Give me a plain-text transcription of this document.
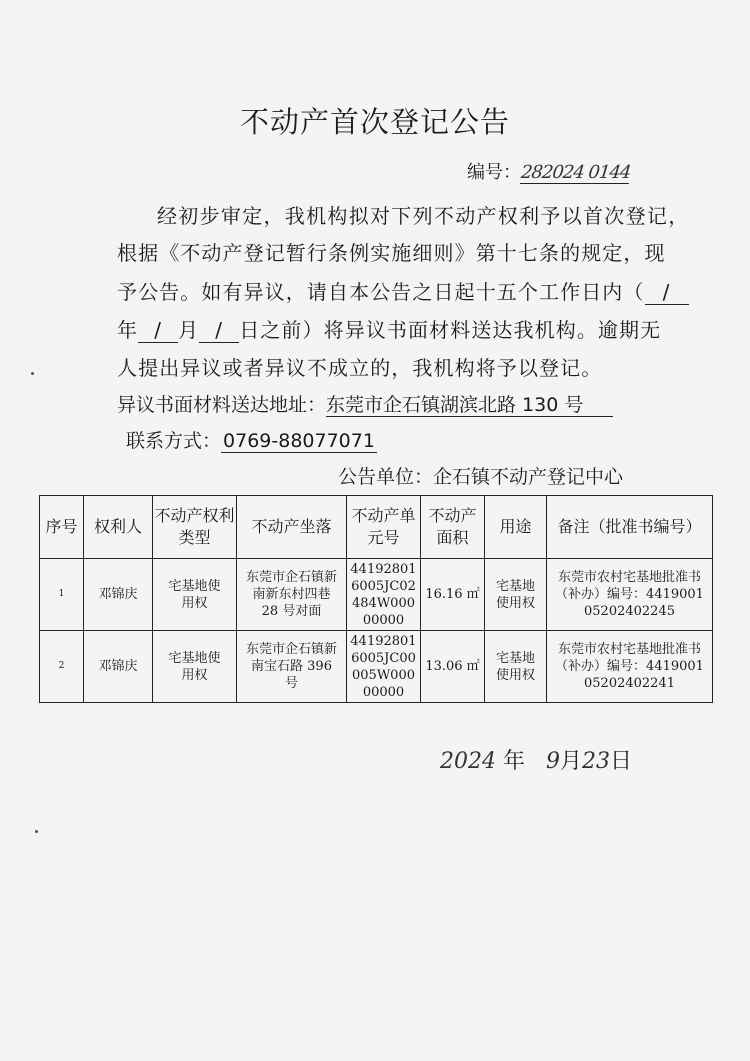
不动产首次登记公告
编号：282024 0144
经初步审定，我机构拟对下列不动产权利予以首次登记，
根据《不动产登记暂行条例实施细则》第十七条的规定，现
予公告。如有异议，请自本公告之日起十五个工作日内（ /
年 / 月 / 日之前）将异议书面材料送达我机构。逾期无
人提出异议或者异议不成立的，我机构将予以登记。
异议书面材料送达地址：东莞市企石镇湖滨北路 130 号
联系方式： 0769-88077071
公告单位：企石镇不动产登记中心
序号	权利人	不动产权利类型	不动产坐落	不动产单元号	不动产面积	用途	备注（批准书编号）
1	邓锦庆	宅基地使用权	东莞市企石镇新南新东村四巷 28 号对面	441928016005JC02484W00000000	16.16 ㎡	宅基地使用权	东莞市农村宅基地批准书（补办）编号：441900105202402245
2	邓锦庆	宅基地使用权	东莞市企石镇新南宝石路 396 号	441928016005JC00005W00000000	13.06 ㎡	宅基地使用权	东莞市农村宅基地批准书（补办）编号：441900105202402241
2024 年 9月23日
